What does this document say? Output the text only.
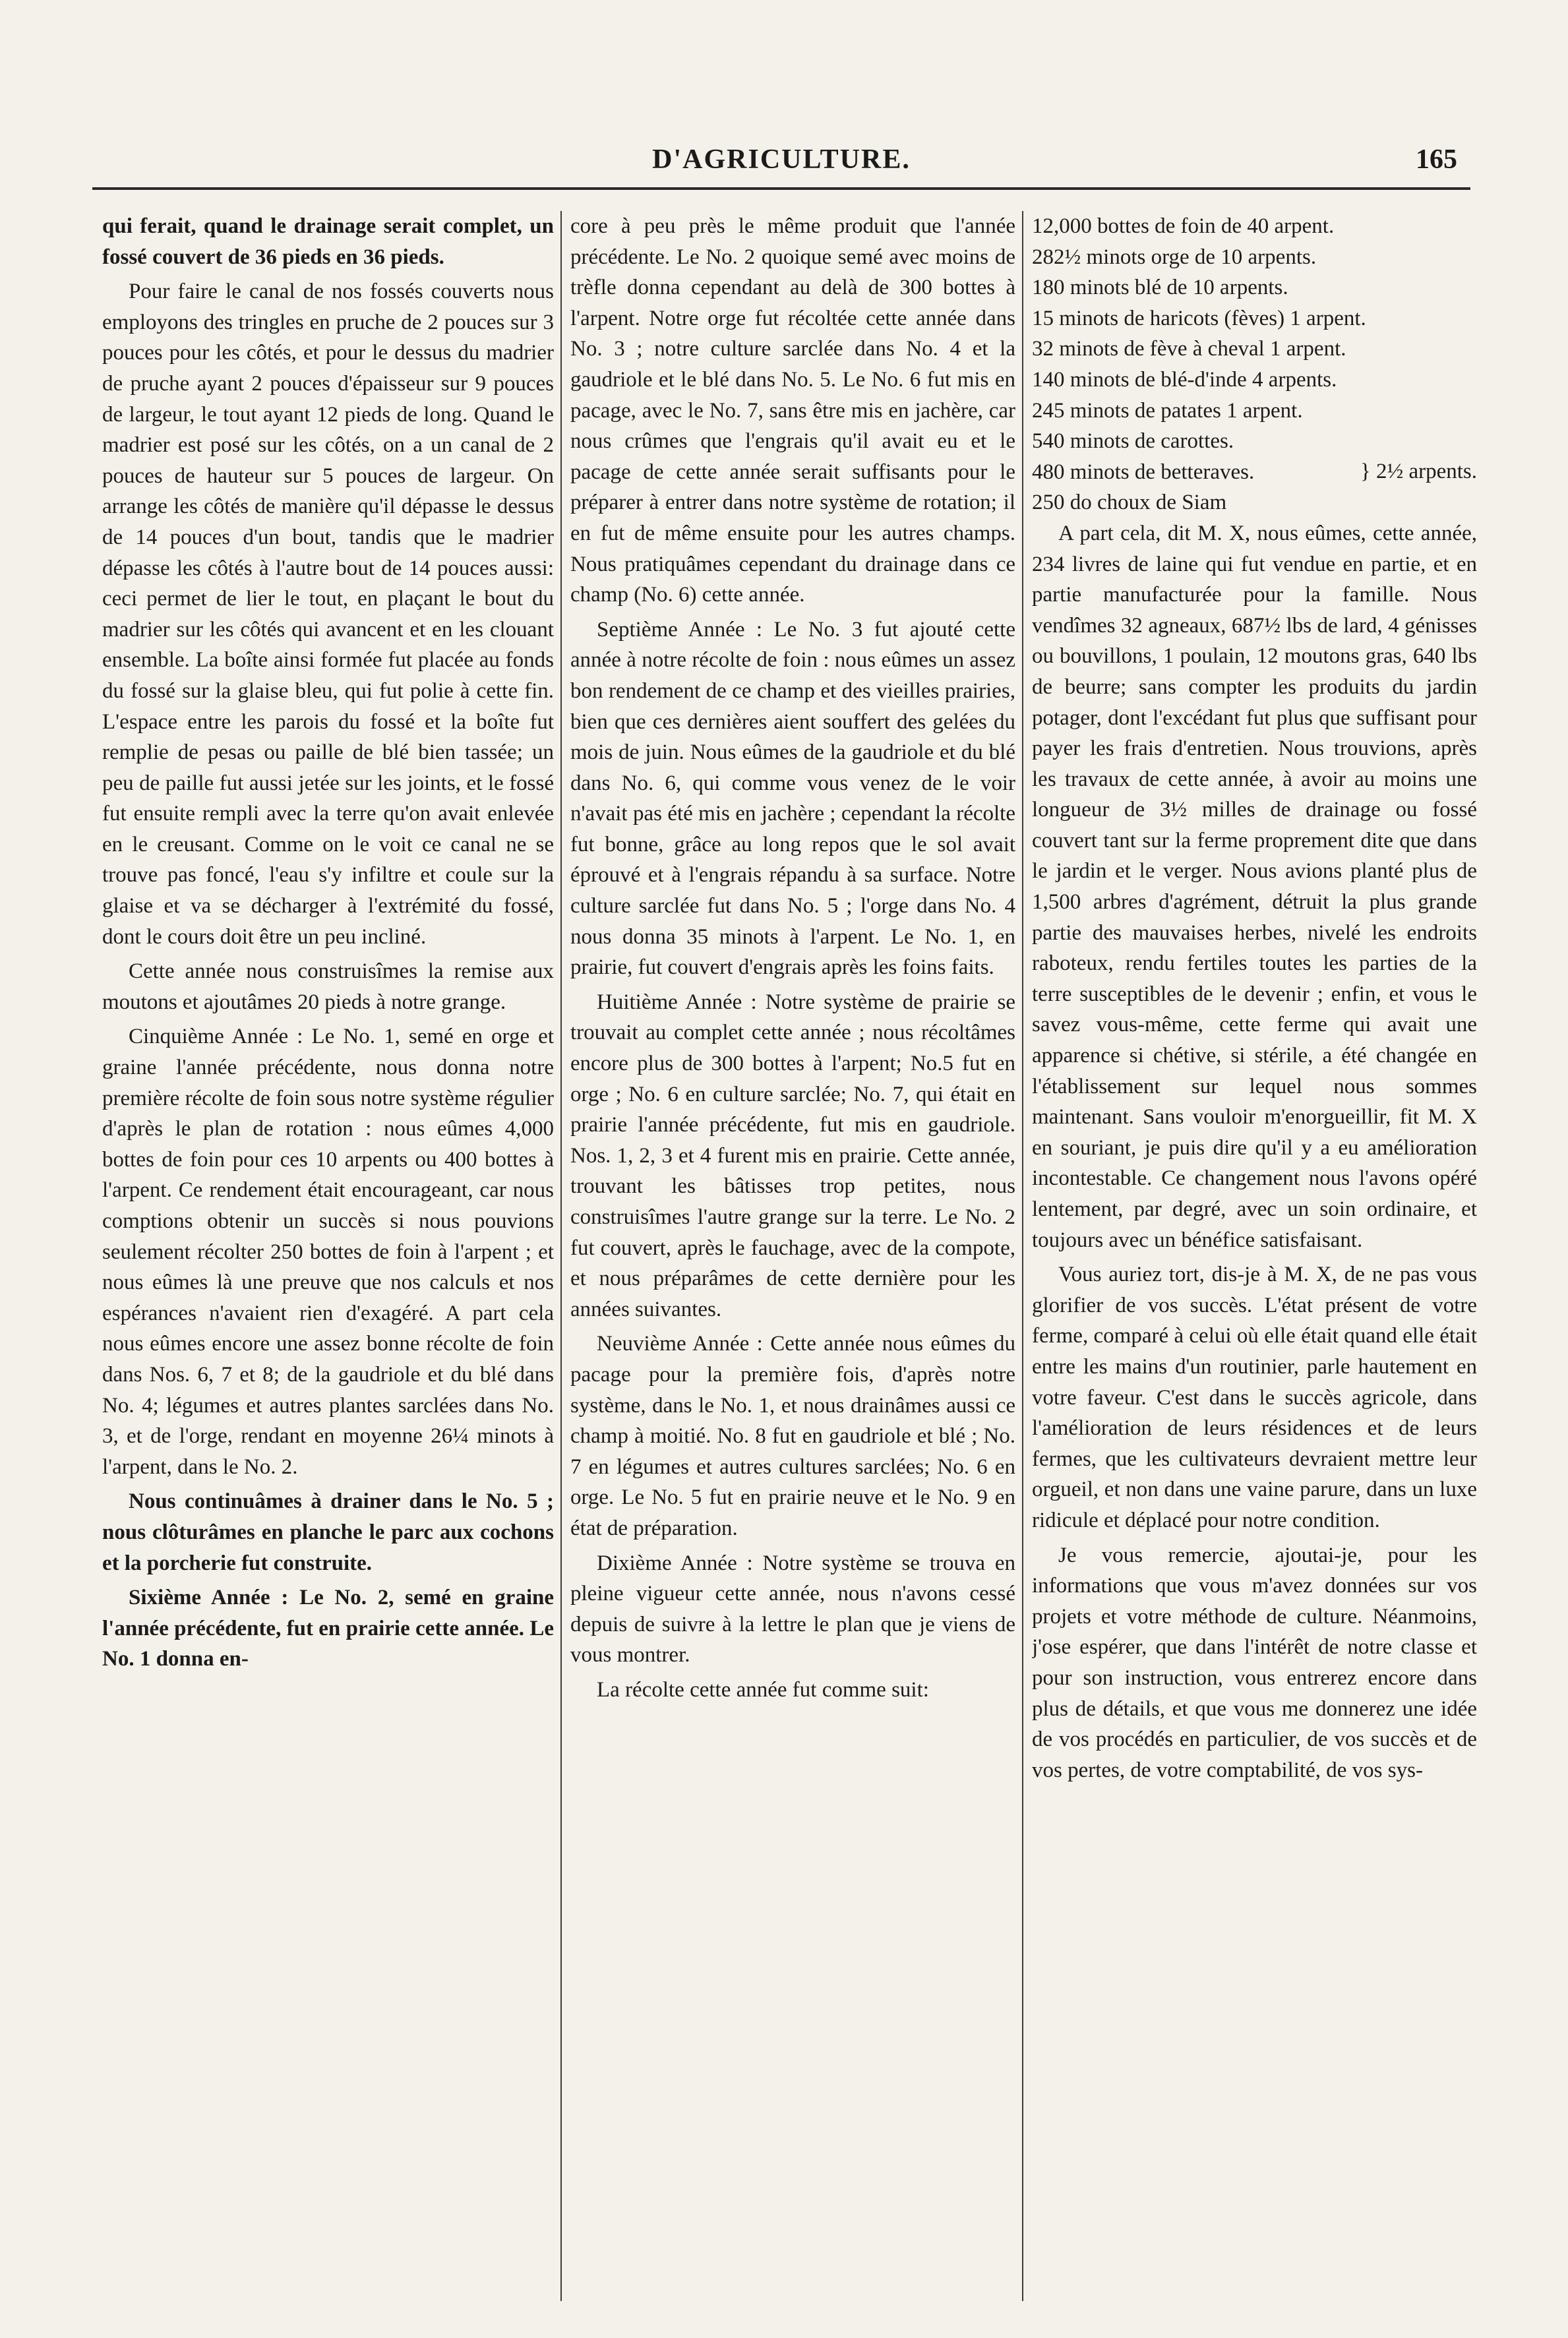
D'AGRICULTURE.	165

qui ferait, quand le drainage serait complet, un fossé couvert de 36 pieds en 36 pieds.

Pour faire le canal de nos fossés couverts nous employons des tringles en pruche de 2 pouces sur 3 pouces pour les côtés, et pour le dessus du madrier de pruche ayant 2 pouces d'épaisseur sur 9 pouces de largeur, le tout ayant 12 pieds de long. Quand le madrier est posé sur les côtés, on a un canal de 2 pouces de hauteur sur 5 pouces de largeur. On arrange les côtés de manière qu'il dépasse le dessus de 14 pouces d'un bout, tandis que le madrier dépasse les côtés à l'autre bout de 14 pouces aussi: ceci permet de lier le tout, en plaçant le bout du madrier sur les côtés qui avancent et en les clouant ensemble. La boîte ainsi formée fut placée au fonds du fossé sur la glaise bleu, qui fut polie à cette fin. L'espace entre les parois du fossé et la boîte fut remplie de pesas ou paille de blé bien tassée; un peu de paille fut aussi jetée sur les joints, et le fossé fut ensuite rempli avec la terre qu'on avait enlevée en le creusant. Comme on le voit ce canal ne se trouve pas foncé, l'eau s'y infiltre et coule sur la glaise et va se décharger à l'extrémité du fossé, dont le cours doit être un peu incliné.

Cette année nous construisîmes la remise aux moutons et ajoutâmes 20 pieds à notre grange.

Cinquième Année : Le No. 1, semé en orge et graine l'année précédente, nous donna notre première récolte de foin sous notre système régulier d'après le plan de rotation : nous eûmes 4,000 bottes de foin pour ces 10 arpents ou 400 bottes à l'arpent. Ce rendement était encourageant, car nous comptions obtenir un succès si nous pouvions seulement récolter 250 bottes de foin à l'arpent ; et nous eûmes là une preuve que nos calculs et nos espérances n'avaient rien d'exagéré. A part cela nous eûmes encore une assez bonne récolte de foin dans Nos. 6, 7 et 8; de la gaudriole et du blé dans No. 4; légumes et autres plantes sarclées dans No. 3, et de l'orge, rendant en moyenne 26¼ minots à l'arpent, dans le No. 2.

Nous continuâmes à drainer dans le No. 5 ; nous clôturâmes en planche le parc aux cochons et la porcherie fut construite.

Sixième Année : Le No. 2, semé en graine l'année précédente, fut en prairie cette année. Le No. 1 donna en-

core à peu près le même produit que l'année précédente. Le No. 2 quoique semé avec moins de trèfle donna cependant au delà de 300 bottes à l'arpent. Notre orge fut récoltée cette année dans No. 3 ; notre culture sarclée dans No. 4 et la gaudriole et le blé dans No. 5. Le No. 6 fut mis en pacage, avec le No. 7, sans être mis en jachère, car nous crûmes que l'engrais qu'il avait eu et le pacage de cette année serait suffisants pour le préparer à entrer dans notre système de rotation; il en fut de même ensuite pour les autres champs. Nous pratiquâmes cependant du drainage dans ce champ (No. 6) cette année.

Septième Année : Le No. 3 fut ajouté cette année à notre récolte de foin : nous eûmes un assez bon rendement de ce champ et des vieilles prairies, bien que ces dernières aient souffert des gelées du mois de juin. Nous eûmes de la gaudriole et du blé dans No. 6, qui comme vous venez de le voir n'avait pas été mis en jachère ; cependant la récolte fut bonne, grâce au long repos que le sol avait éprouvé et à l'engrais répandu à sa surface. Notre culture sarclée fut dans No. 5 ; l'orge dans No. 4 nous donna 35 minots à l'arpent. Le No. 1, en prairie, fut couvert d'engrais après les foins faits.

Huitième Année : Notre système de prairie se trouvait au complet cette année ; nous récoltâmes encore plus de 300 bottes à l'arpent; No.5 fut en orge ; No. 6 en culture sarclée; No. 7, qui était en prairie l'année précédente, fut mis en gaudriole. Nos. 1, 2, 3 et 4 furent mis en prairie. Cette année, trouvant les bâtisses trop petites, nous construisîmes l'autre grange sur la terre. Le No. 2 fut couvert, après le fauchage, avec de la compote, et nous préparâmes de cette dernière pour les années suivantes.

Neuvième Année : Cette année nous eûmes du pacage pour la première fois, d'après notre système, dans le No. 1, et nous drainâmes aussi ce champ à moitié. No. 8 fut en gaudriole et blé ; No. 7 en légumes et autres cultures sarclées; No. 6 en orge. Le No. 5 fut en prairie neuve et le No. 9 en état de préparation.

Dixième Année : Notre système se trouva en pleine vigueur cette année, nous n'avons cessé depuis de suivre à la lettre le plan que je viens de vous montrer.

La récolte cette année fut comme suit:

12,000 bottes de foin de 40 arpent.
282½ minots orge de 10 arpents.
180 minots blé de 10 arpents.
15 minots de haricots (fèves) 1 arpent.
32 minots de fève à cheval 1 arpent.
140 minots de blé-d'inde 4 arpents.
245 minots de patates 1 arpent.
540 minots de carottes.
480 minots de betteraves.
250 do choux de Siam
} 2½ arpents.

A part cela, dit M. X, nous eûmes, cette année, 234 livres de laine qui fut vendue en partie, et en partie manufacturée pour la famille. Nous vendîmes 32 agneaux, 687½ lbs de lard, 4 génisses ou bouvillons, 1 poulain, 12 moutons gras, 640 lbs de beurre; sans compter les produits du jardin potager, dont l'excédant fut plus que suffisant pour payer les frais d'entretien. Nous trouvions, après les travaux de cette année, à avoir au moins une longueur de 3½ milles de drainage ou fossé couvert tant sur la ferme proprement dite que dans le jardin et le verger. Nous avions planté plus de 1,500 arbres d'agrément, détruit la plus grande partie des mauvaises herbes, nivelé les endroits raboteux, rendu fertiles toutes les parties de la terre susceptibles de le devenir ; enfin, et vous le savez vous-même, cette ferme qui avait une apparence si chétive, si stérile, a été changée en l'établissement sur lequel nous sommes maintenant. Sans vouloir m'enorgueillir, fit M. X en souriant, je puis dire qu'il y a eu amélioration incontestable. Ce changement nous l'avons opéré lentement, par degré, avec un soin ordinaire, et toujours avec un bénéfice satisfaisant.

Vous auriez tort, dis-je à M. X, de ne pas vous glorifier de vos succès. L'état présent de votre ferme, comparé à celui où elle était quand elle était entre les mains d'un routinier, parle hautement en votre faveur. C'est dans le succès agricole, dans l'amélioration de leurs résidences et de leurs fermes, que les cultivateurs devraient mettre leur orgueil, et non dans une vaine parure, dans un luxe ridicule et déplacé pour notre condition.

Je vous remercie, ajoutai-je, pour les informations que vous m'avez données sur vos projets et votre méthode de culture. Néanmoins, j'ose espérer, que dans l'intérêt de notre classe et pour son instruction, vous entrerez encore dans plus de détails, et que vous me donnerez une idée de vos procédés en particulier, de vos succès et de vos pertes, de votre comptabilité, de vos sys-
